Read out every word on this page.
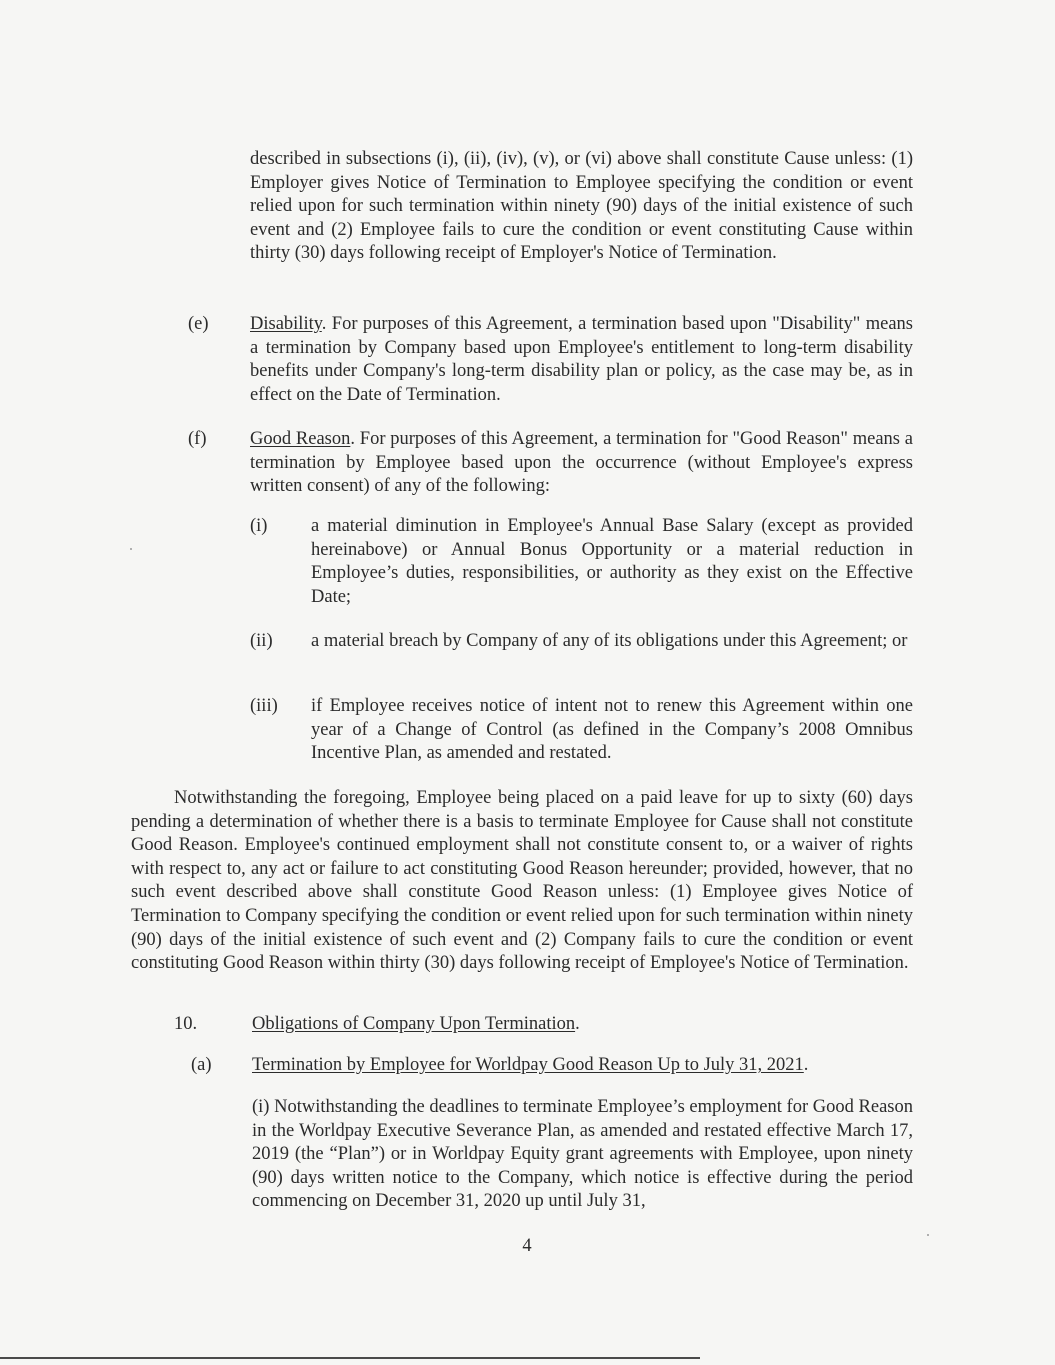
described in subsections (i), (ii), (iv), (v), or (vi) above shall constitute Cause unless: (1) Employer gives Notice of Termination to Employee specifying the condition or event relied upon for such termination within ninety (90) days of the initial existence of such event and (2) Employee fails to cure the condition or event constituting Cause within thirty (30) days following receipt of Employer's Notice of Termination.

(e) Disability. For purposes of this Agreement, a termination based upon "Disability" means a termination by Company based upon Employee's entitlement to long-term disability benefits under Company's long-term disability plan or policy, as the case may be, as in effect on the Date of Termination.

(f) Good Reason. For purposes of this Agreement, a termination for "Good Reason" means a termination by Employee based upon the occurrence (without Employee's express written consent) of any of the following:

(i) a material diminution in Employee's Annual Base Salary (except as provided hereinabove) or Annual Bonus Opportunity or a material reduction in Employee’s duties, responsibilities, or authority as they exist on the Effective Date;

(ii) a material breach by Company of any of its obligations under this Agreement; or

(iii) if Employee receives notice of intent not to renew this Agreement within one year of a Change of Control (as defined in the Company’s 2008 Omnibus Incentive Plan, as amended and restated.

Notwithstanding the foregoing, Employee being placed on a paid leave for up to sixty (60) days pending a determination of whether there is a basis to terminate Employee for Cause shall not constitute Good Reason. Employee's continued employment shall not constitute consent to, or a waiver of rights with respect to, any act or failure to act constituting Good Reason hereunder; provided, however, that no such event described above shall constitute Good Reason unless: (1) Employee gives Notice of Termination to Company specifying the condition or event relied upon for such termination within ninety (90) days of the initial existence of such event and (2) Company fails to cure the condition or event constituting Good Reason within thirty (30) days following receipt of Employee's Notice of Termination.

10.	Obligations of Company Upon Termination.
(a) Termination by Employee for Worldpay Good Reason Up to July 31, 2021.

(i) Notwithstanding the deadlines to terminate Employee’s employment for Good Reason in the Worldpay Executive Severance Plan, as amended and restated effective March 17, 2019 (the “Plan”) or in Worldpay Equity grant agreements with Employee, upon ninety (90) days written notice to the Company, which notice is effective during the period commencing on December 31, 2020 up until July 31,

4
